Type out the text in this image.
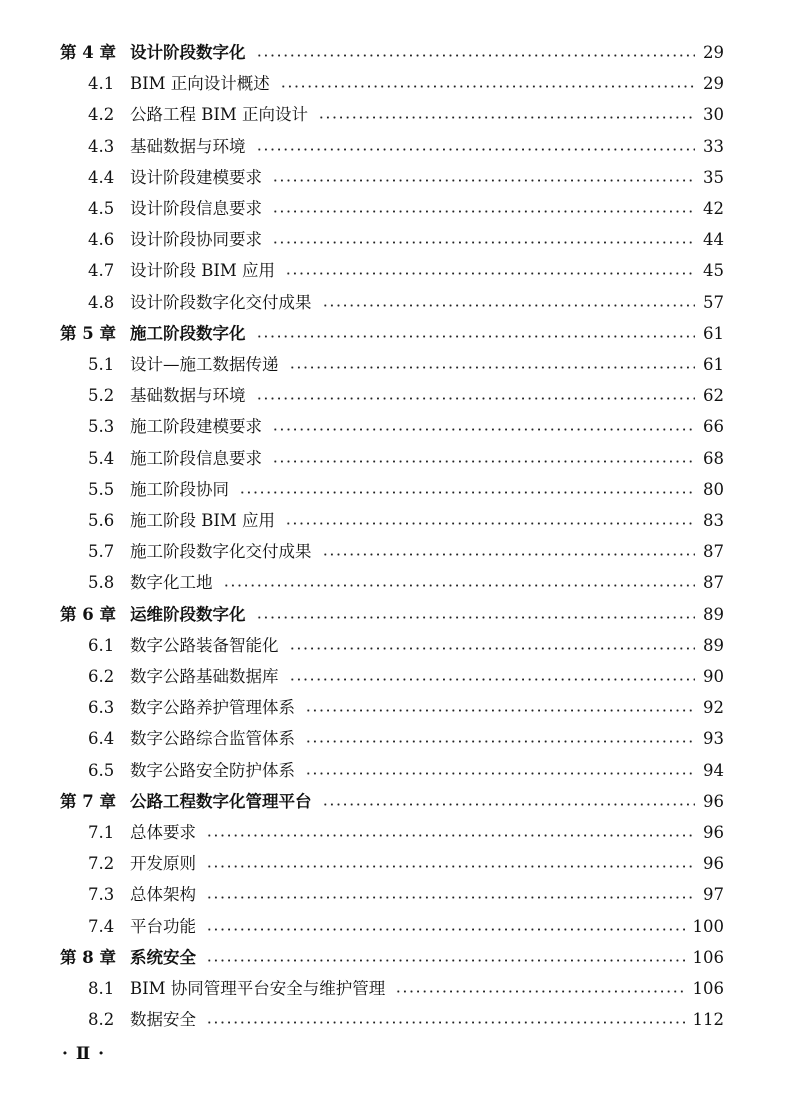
第 4 章 设计阶段数字化	29
4.1 BIM 正向设计概述	29
4.2 公路工程 BIM 正向设计	30
4.3 基础数据与环境	33
4.4 设计阶段建模要求	35
4.5 设计阶段信息要求	42
4.6 设计阶段协同要求	44
4.7 设计阶段 BIM 应用	45
4.8 设计阶段数字化交付成果	57
第 5 章 施工阶段数字化	61
5.1 设计—施工数据传递	61
5.2 基础数据与环境	62
5.3 施工阶段建模要求	66
5.4 施工阶段信息要求	68
5.5 施工阶段协同	80
5.6 施工阶段 BIM 应用	83
5.7 施工阶段数字化交付成果	87
5.8 数字化工地	87
第 6 章 运维阶段数字化	89
6.1 数字公路装备智能化	89
6.2 数字公路基础数据库	90
6.3 数字公路养护管理体系	92
6.4 数字公路综合监管体系	93
6.5 数字公路安全防护体系	94
第 7 章 公路工程数字化管理平台	96
7.1 总体要求	96
7.2 开发原则	96
7.3 总体架构	97
7.4 平台功能	100
第 8 章 系统安全	106
8.1 BIM 协同管理平台安全与维护管理	106
8.2 数据安全	112
· Ⅱ ·
